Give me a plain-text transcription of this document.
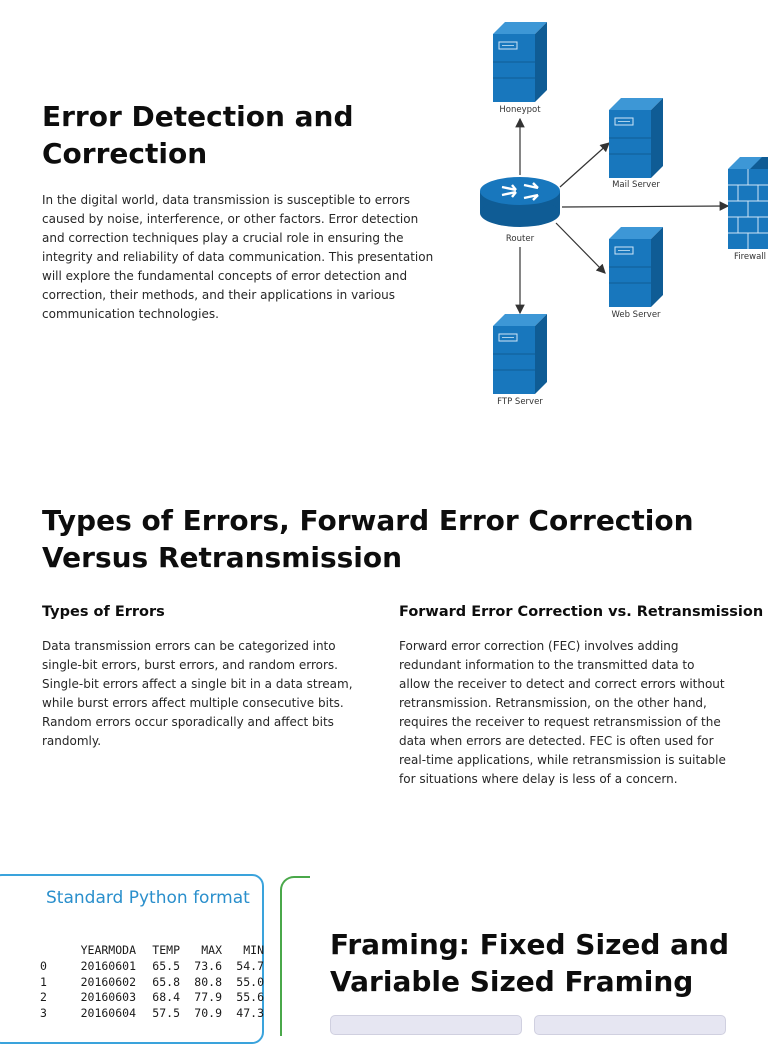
Error Detection and Correction

In the digital world, data transmission is susceptible to errors caused by noise, interference, or other factors. Error detection and correction techniques play a crucial role in ensuring the integrity and reliability of data communication. This presentation will explore the fundamental concepts of error detection and correction, their methods, and their applications in various communication technologies.

Honeypot
Mail Server
Router
Firewall
Web Server
FTP Server
Types of Errors, Forward Error Correction Versus Retransmission
Types of Errors	Forward Error Correction vs. Retransmission

Data transmission errors can be categorized into single-bit errors, burst errors, and random errors. Single-bit errors affect a single bit in a data stream, while burst errors affect multiple consecutive bits. Random errors occur sporadically and affect bits randomly.

Forward error correction (FEC) involves adding redundant information to the transmitted data to allow the receiver to detect and correct errors without retransmission. Retransmission, on the other hand, requires the receiver to request retransmission of the data when errors are detected. FEC is often used for real-time applications, while retransmission is suitable for situations where delay is less of a concern.

Standard Python format
	YEARMODA	TEMP	MAX	MIN
0	20160601	65.5	73.6	54.7
1	20160602	65.8	80.8	55.0
2	20160603	68.4	77.9	55.6
3	20160604	57.5	70.9	47.3
Framing: Fixed Sized and Variable Sized Framing
